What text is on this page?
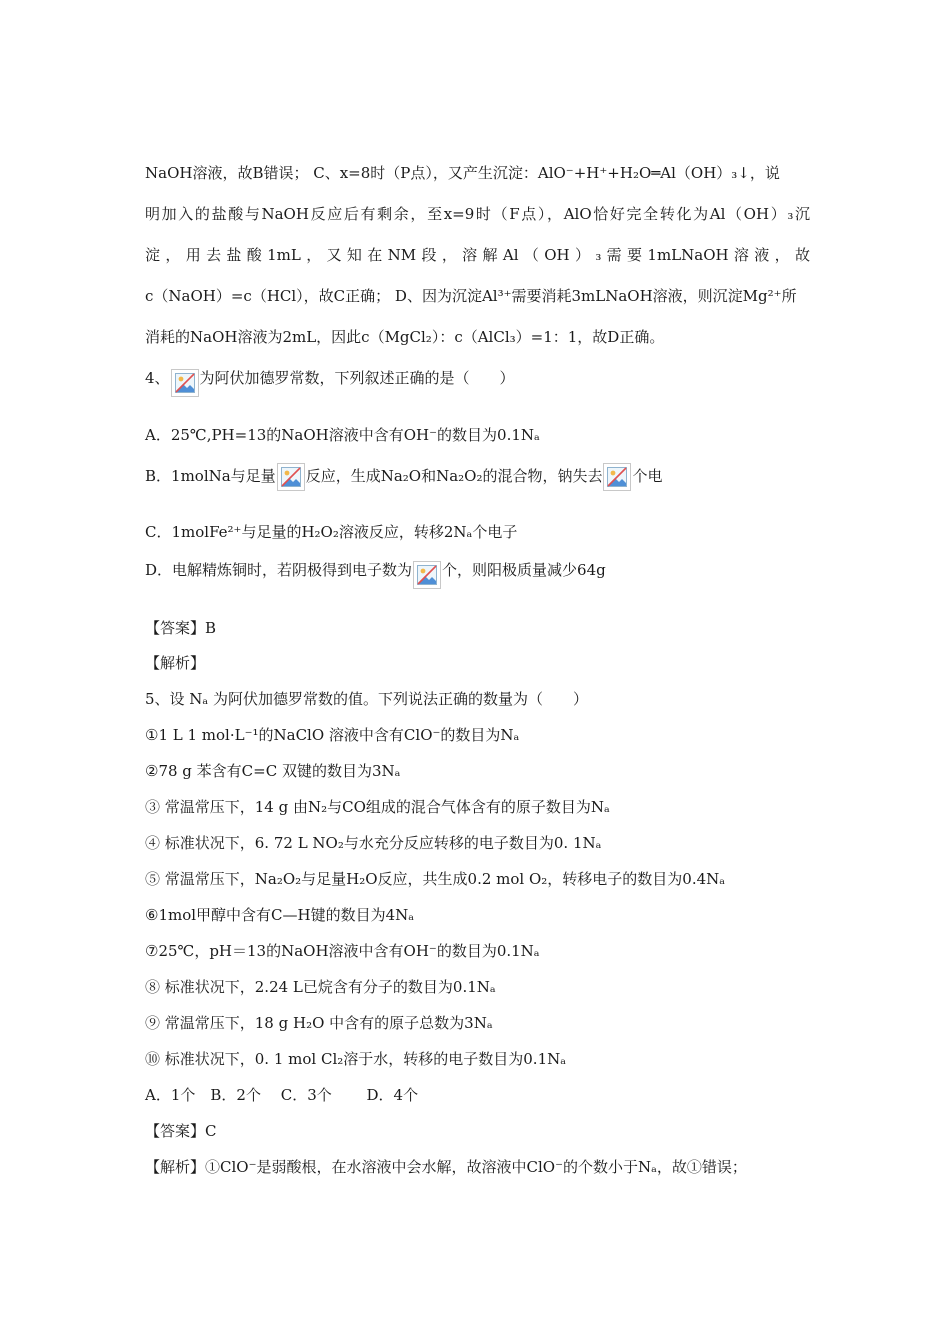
NaOH溶液，故B错误； C、x=8时（P点），又产生沉淀：AlO⁻+H⁺+H₂O═Al（OH）₃↓，说
明加入的盐酸与NaOH反应后有剩余，至x=9时（F点），AlO恰好完全转化为Al（OH）₃沉
淀，用去盐酸1mL，又知在NM段，溶解Al（OH）₃需要1mLNaOH溶液，故
c（NaOH）=c（HCl），故C正确； D、因为沉淀Al³⁺需要消耗3mLNaOH溶液，则沉淀Mg²⁺所
消耗的NaOH溶液为2mL，因此c（MgCl₂）：c（AlCl₃）=1：1，故D正确。
4、 为阿伏加德罗常数，下列叙述正确的是（　　）
A．25℃,PH=13的NaOH溶液中含有OH⁻的数目为0.1Nₐ
B．1molNa与足量 反应，生成Na₂O和Na₂O₂的混合物，钠失去 个电
C．1molFe²⁺与足量的H₂O₂溶液反应，转移2Nₐ个电子
D．电解精炼铜时，若阴极得到电子数为 个，则阳极质量减少64g
【答案】B
【解析】
5、设 Nₐ 为阿伏加德罗常数的值。下列说法正确的数量为（　　）
①1 L 1 mol·L⁻¹的NaClO 溶液中含有ClO⁻的数目为Nₐ
②78 g 苯含有C=C 双键的数目为3Nₐ
③ 常温常压下，14 g 由N₂与CO组成的混合气体含有的原子数目为Nₐ
④ 标准状况下，6. 72 L NO₂与水充分反应转移的电子数目为0. 1Nₐ
⑤ 常温常压下，Na₂O₂与足量H₂O反应，共生成0.2 mol O₂，转移电子的数目为0.4Nₐ
⑥1mol甲醇中含有C—H键的数目为4Nₐ
⑦25℃，pH＝13的NaOH溶液中含有OH⁻的数目为0.1Nₐ
⑧ 标准状况下，2.24 L已烷含有分子的数目为0.1Nₐ
⑨ 常温常压下，18 g H₂O 中含有的原子总数为3Nₐ
⑩ 标准状况下，0. 1 mol Cl₂溶于水，转移的电子数目为0.1Nₐ
A．1个　B．2个　 C．3个　　 D．4个
【答案】C
【解析】①ClO⁻是弱酸根，在水溶液中会水解，故溶液中ClO⁻的个数小于Nₐ，故①错误；
